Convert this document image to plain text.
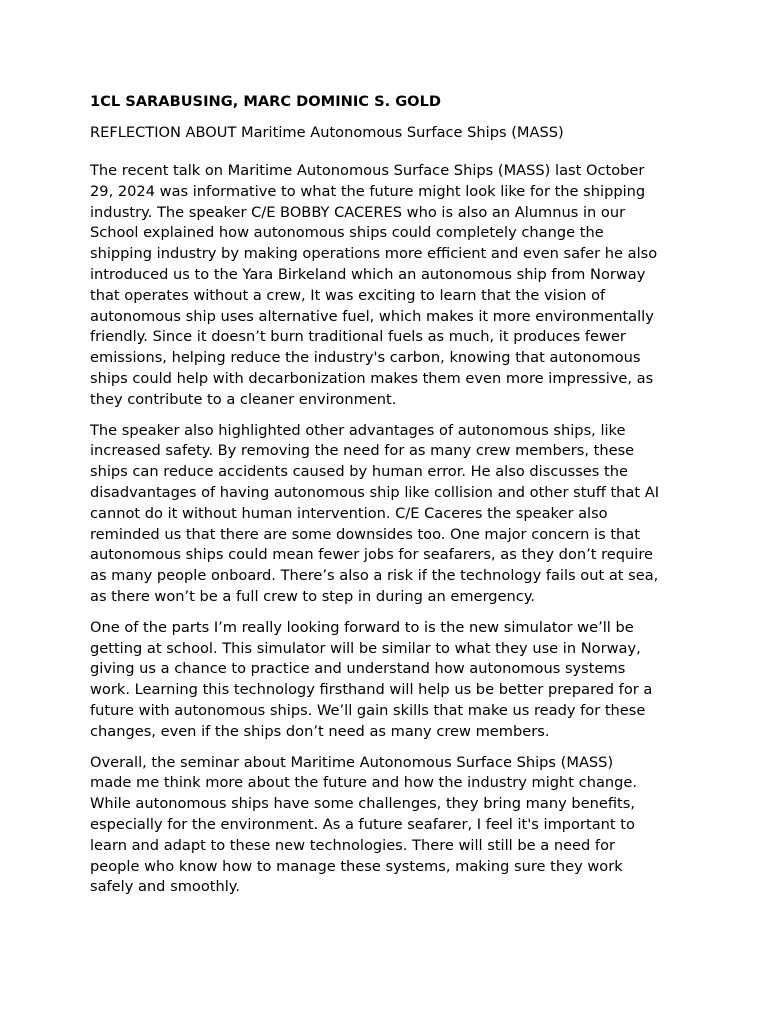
1CL SARABUSING, MARC DOMINIC S. GOLD
REFLECTION ABOUT Maritime Autonomous Surface Ships (MASS)
The recent talk on Maritime Autonomous Surface Ships (MASS) last October
29, 2024 was informative to what the future might look like for the shipping
industry. The speaker C/E BOBBY CACERES who is also an Alumnus in our
School explained how autonomous ships could completely change the
shipping industry by making operations more efficient and even safer he also
introduced us to the Yara Birkeland which an autonomous ship from Norway
that operates without a crew, It was exciting to learn that the vision of
autonomous ship uses alternative fuel, which makes it more environmentally
friendly. Since it doesn’t burn traditional fuels as much, it produces fewer
emissions, helping reduce the industry's carbon, knowing that autonomous
ships could help with decarbonization makes them even more impressive, as
they contribute to a cleaner environment.
The speaker also highlighted other advantages of autonomous ships, like
increased safety. By removing the need for as many crew members, these
ships can reduce accidents caused by human error. He also discusses the
disadvantages of having autonomous ship like collision and other stuff that AI
cannot do it without human intervention. C/E Caceres the speaker also
reminded us that there are some downsides too. One major concern is that
autonomous ships could mean fewer jobs for seafarers, as they don’t require
as many people onboard. There’s also a risk if the technology fails out at sea,
as there won’t be a full crew to step in during an emergency.
One of the parts I’m really looking forward to is the new simulator we’ll be
getting at school. This simulator will be similar to what they use in Norway,
giving us a chance to practice and understand how autonomous systems
work. Learning this technology firsthand will help us be better prepared for a
future with autonomous ships. We’ll gain skills that make us ready for these
changes, even if the ships don’t need as many crew members.
Overall, the seminar about Maritime Autonomous Surface Ships (MASS)
made me think more about the future and how the industry might change.
While autonomous ships have some challenges, they bring many benefits,
especially for the environment. As a future seafarer, I feel it's important to
learn and adapt to these new technologies. There will still be a need for
people who know how to manage these systems, making sure they work
safely and smoothly.
